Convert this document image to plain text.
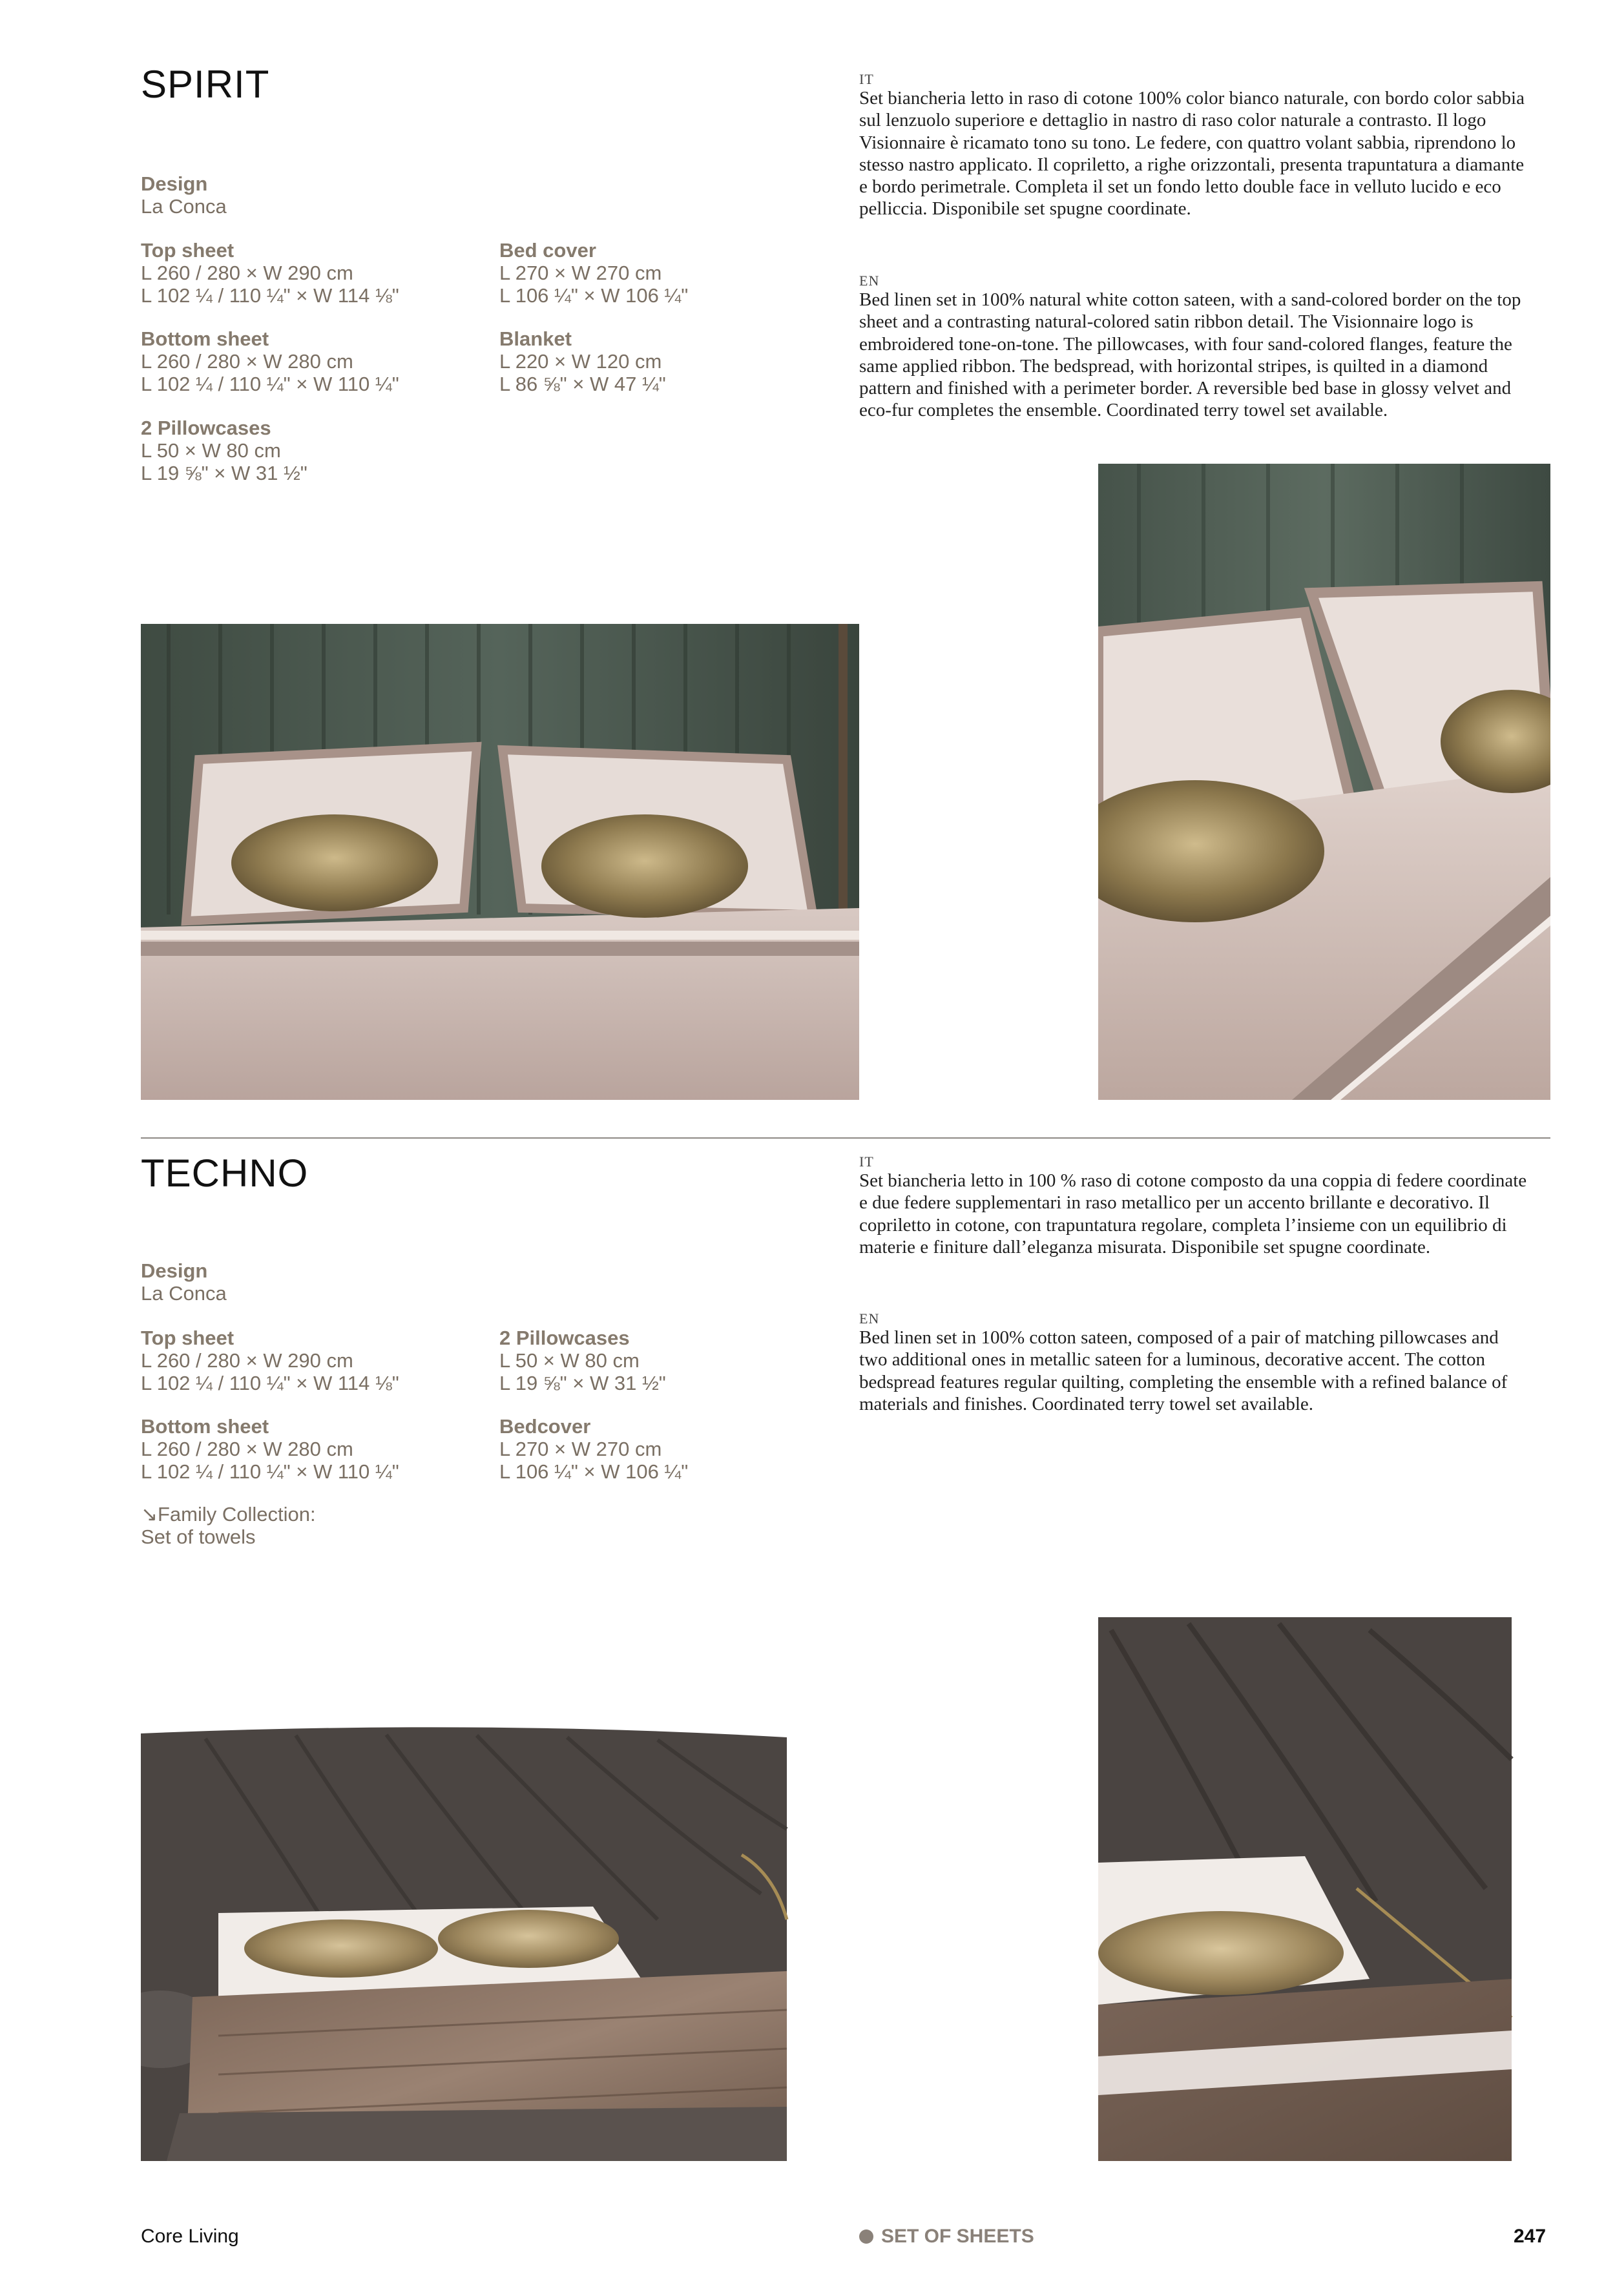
SPIRIT
Design
La Conca
Top sheet
L 260 / 280 × W 290 cm
L 102 ¼ / 110 ¼" × W 114 ⅛"
Bottom sheet
L 260 / 280 × W 280 cm
L 102 ¼ / 110 ¼" × W 110 ¼"
2 Pillowcases
L 50 × W 80 cm
L 19 ⅝" × W 31 ½"
Bed cover
L 270 × W 270 cm
L 106 ¼" × W 106 ¼"
Blanket
L 220 × W 120 cm
L 86 ⅝" × W 47 ¼"
IT

Set biancheria letto in raso di cotone 100% color bianco naturale, con bordo color sabbia sul lenzuolo superiore e dettaglio in nastro di raso color naturale a contrasto. Il logo Visionnaire è ricamato tono su tono. Le federe, con quattro volant sabbia, riprendono lo stesso nastro applicato. Il copriletto, a righe orizzontali, presenta trapuntatura a diamante e bordo perimetrale. Completa il set un fondo letto double face in velluto lucido e eco pelliccia. Disponibile set spugne coordinate.

EN

Bed linen set in 100% natural white cotton sateen, with a sand-colored border on the top sheet and a contrasting natural-colored satin ribbon detail. The Visionnaire logo is embroidered tone-on-tone. The pillowcases, with four sand-colored flanges, feature the same applied ribbon. The bedspread, with horizontal stripes, is quilted in a diamond pattern and finished with a perimeter border. A reversible bed base in glossy velvet and eco-fur completes the ensemble. Coordinated terry towel set available.

TECHNO
Design
La Conca
Top sheet
L 260 / 280 × W 290 cm
L 102 ¼ / 110 ¼" × W 114 ⅛"
Bottom sheet
L 260 / 280 × W 280 cm
L 102 ¼ / 110 ¼" × W 110 ¼"
↘Family Collection:
Set of towels
2 Pillowcases
L 50 × W 80 cm
L 19 ⅝" × W 31 ½"
Bedcover
L 270 × W 270 cm
L 106 ¼" × W 106 ¼"
IT

Set biancheria letto in 100 % raso di cotone composto da una coppia di federe coordinate e due federe supplementari in raso metallico per un accento brillante e decorativo. Il copriletto in cotone, con trapuntatura regolare, completa l’insieme con un equilibrio di materie e finiture dall’eleganza misurata. Disponibile set spugne coordinate.

EN

Bed linen set in 100% cotton sateen, composed of a pair of matching pillowcases and two additional ones in metallic sateen for a luminous, decorative accent. The cotton bedspread features regular quilting, completing the ensemble with a refined balance of materials and finishes. Coordinated terry towel set available.

Core Living	SET OF SHEETS	247
